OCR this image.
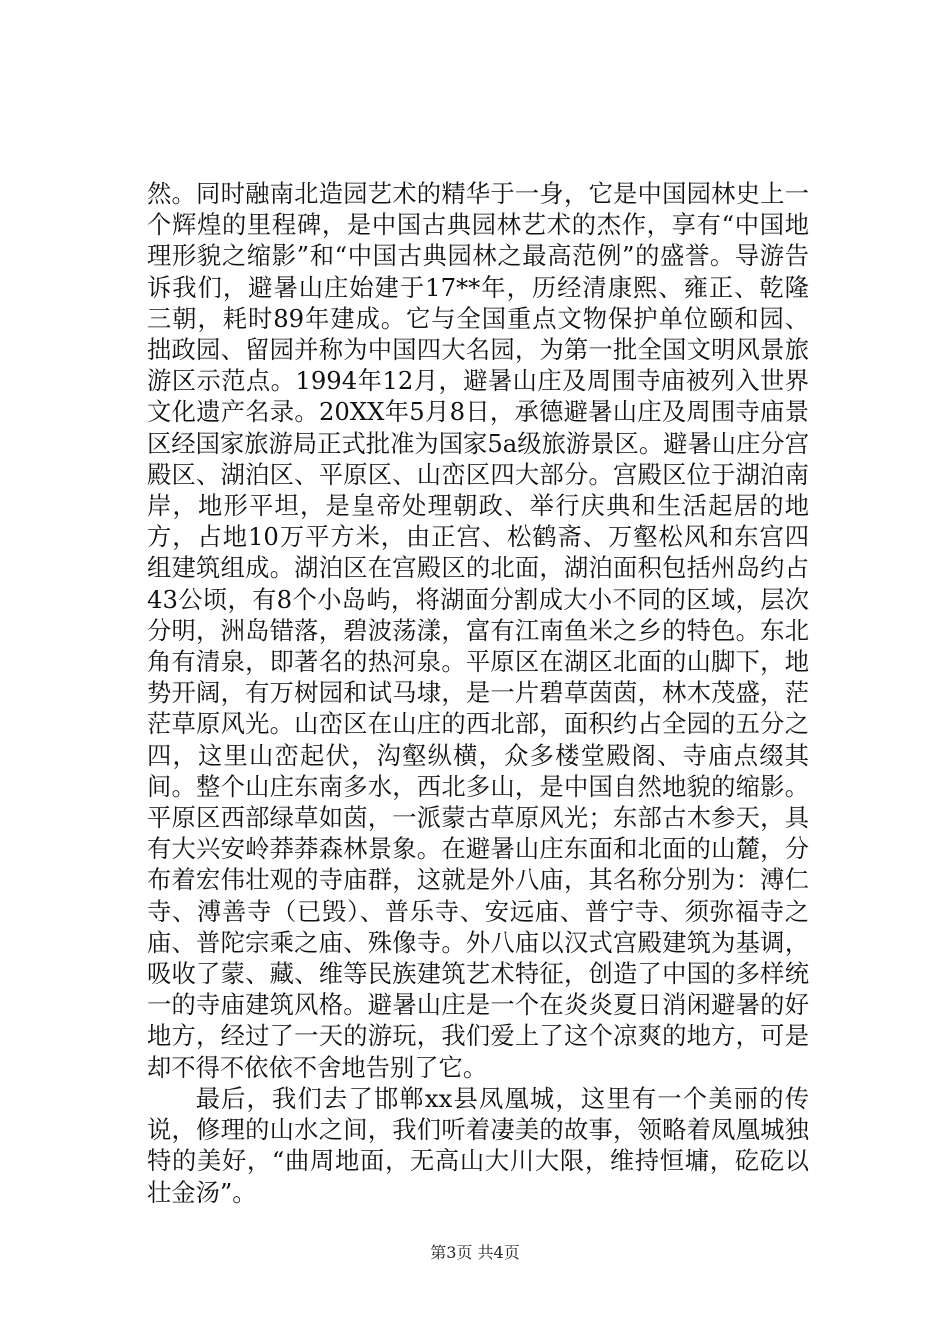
然。同时融南北造园艺术的精华于一身，它是中国园林史上一个辉煌的里程碑，是中国古典园林艺术的杰作，享有“中国地理形貌之缩影”和“中国古典园林之最高范例”的盛誉。导游告诉我们，避暑山庄始建于17**年，历经清康熙、雍正、乾隆三朝，耗时89年建成。它与全国重点文物保护单位颐和园、拙政园、留园并称为中国四大名园，为第一批全国文明风景旅游区示范点。1994年12月，避暑山庄及周围寺庙被列入世界文化遗产名录。20XX年5月8日，承德避暑山庄及周围寺庙景区经国家旅游局正式批准为国家5a级旅游景区。避暑山庄分宫殿区、湖泊区、平原区、山峦区四大部分。宫殿区位于湖泊南岸，地形平坦，是皇帝处理朝政、举行庆典和生活起居的地方，占地10万平方米，由正宫、松鹤斋、万壑松风和东宫四组建筑组成。湖泊区在宫殿区的北面，湖泊面积包括州岛约占43公顷，有8个小岛屿，将湖面分割成大小不同的区域，层次分明，洲岛错落，碧波荡漾，富有江南鱼米之乡的特色。东北角有清泉，即著名的热河泉。平原区在湖区北面的山脚下，地势开阔，有万树园和试马埭，是一片碧草茵茵，林木茂盛，茫茫草原风光。山峦区在山庄的西北部，面积约占全园的五分之四，这里山峦起伏，沟壑纵横，众多楼堂殿阁、寺庙点缀其间。整个山庄东南多水，西北多山，是中国自然地貌的缩影。平原区西部绿草如茵，一派蒙古草原风光；东部古木参天，具有大兴安岭莽莽森林景象。在避暑山庄东面和北面的山麓，分布着宏伟壮观的寺庙群，这就是外八庙，其名称分别为：溥仁寺、溥善寺（已毁）、普乐寺、安远庙、普宁寺、须弥福寺之庙、普陀宗乘之庙、殊像寺。外八庙以汉式宫殿建筑为基调，吸收了蒙、藏、维等民族建筑艺术特征，创造了中国的多样统一的寺庙建筑风格。避暑山庄是一个在炎炎夏日消闲避暑的好地方，经过了一天的游玩，我们爱上了这个凉爽的地方，可是却不得不依依不舍地告别了它。

最后，我们去了邯郸xx县凤凰城，这里有一个美丽的传说，修理的山水之间，我们听着凄美的故事，领略着凤凰城独特的美好，“曲周地面，无高山大川大限，维持恒墉，矻矻以壮金汤”。

第3页 共4页
